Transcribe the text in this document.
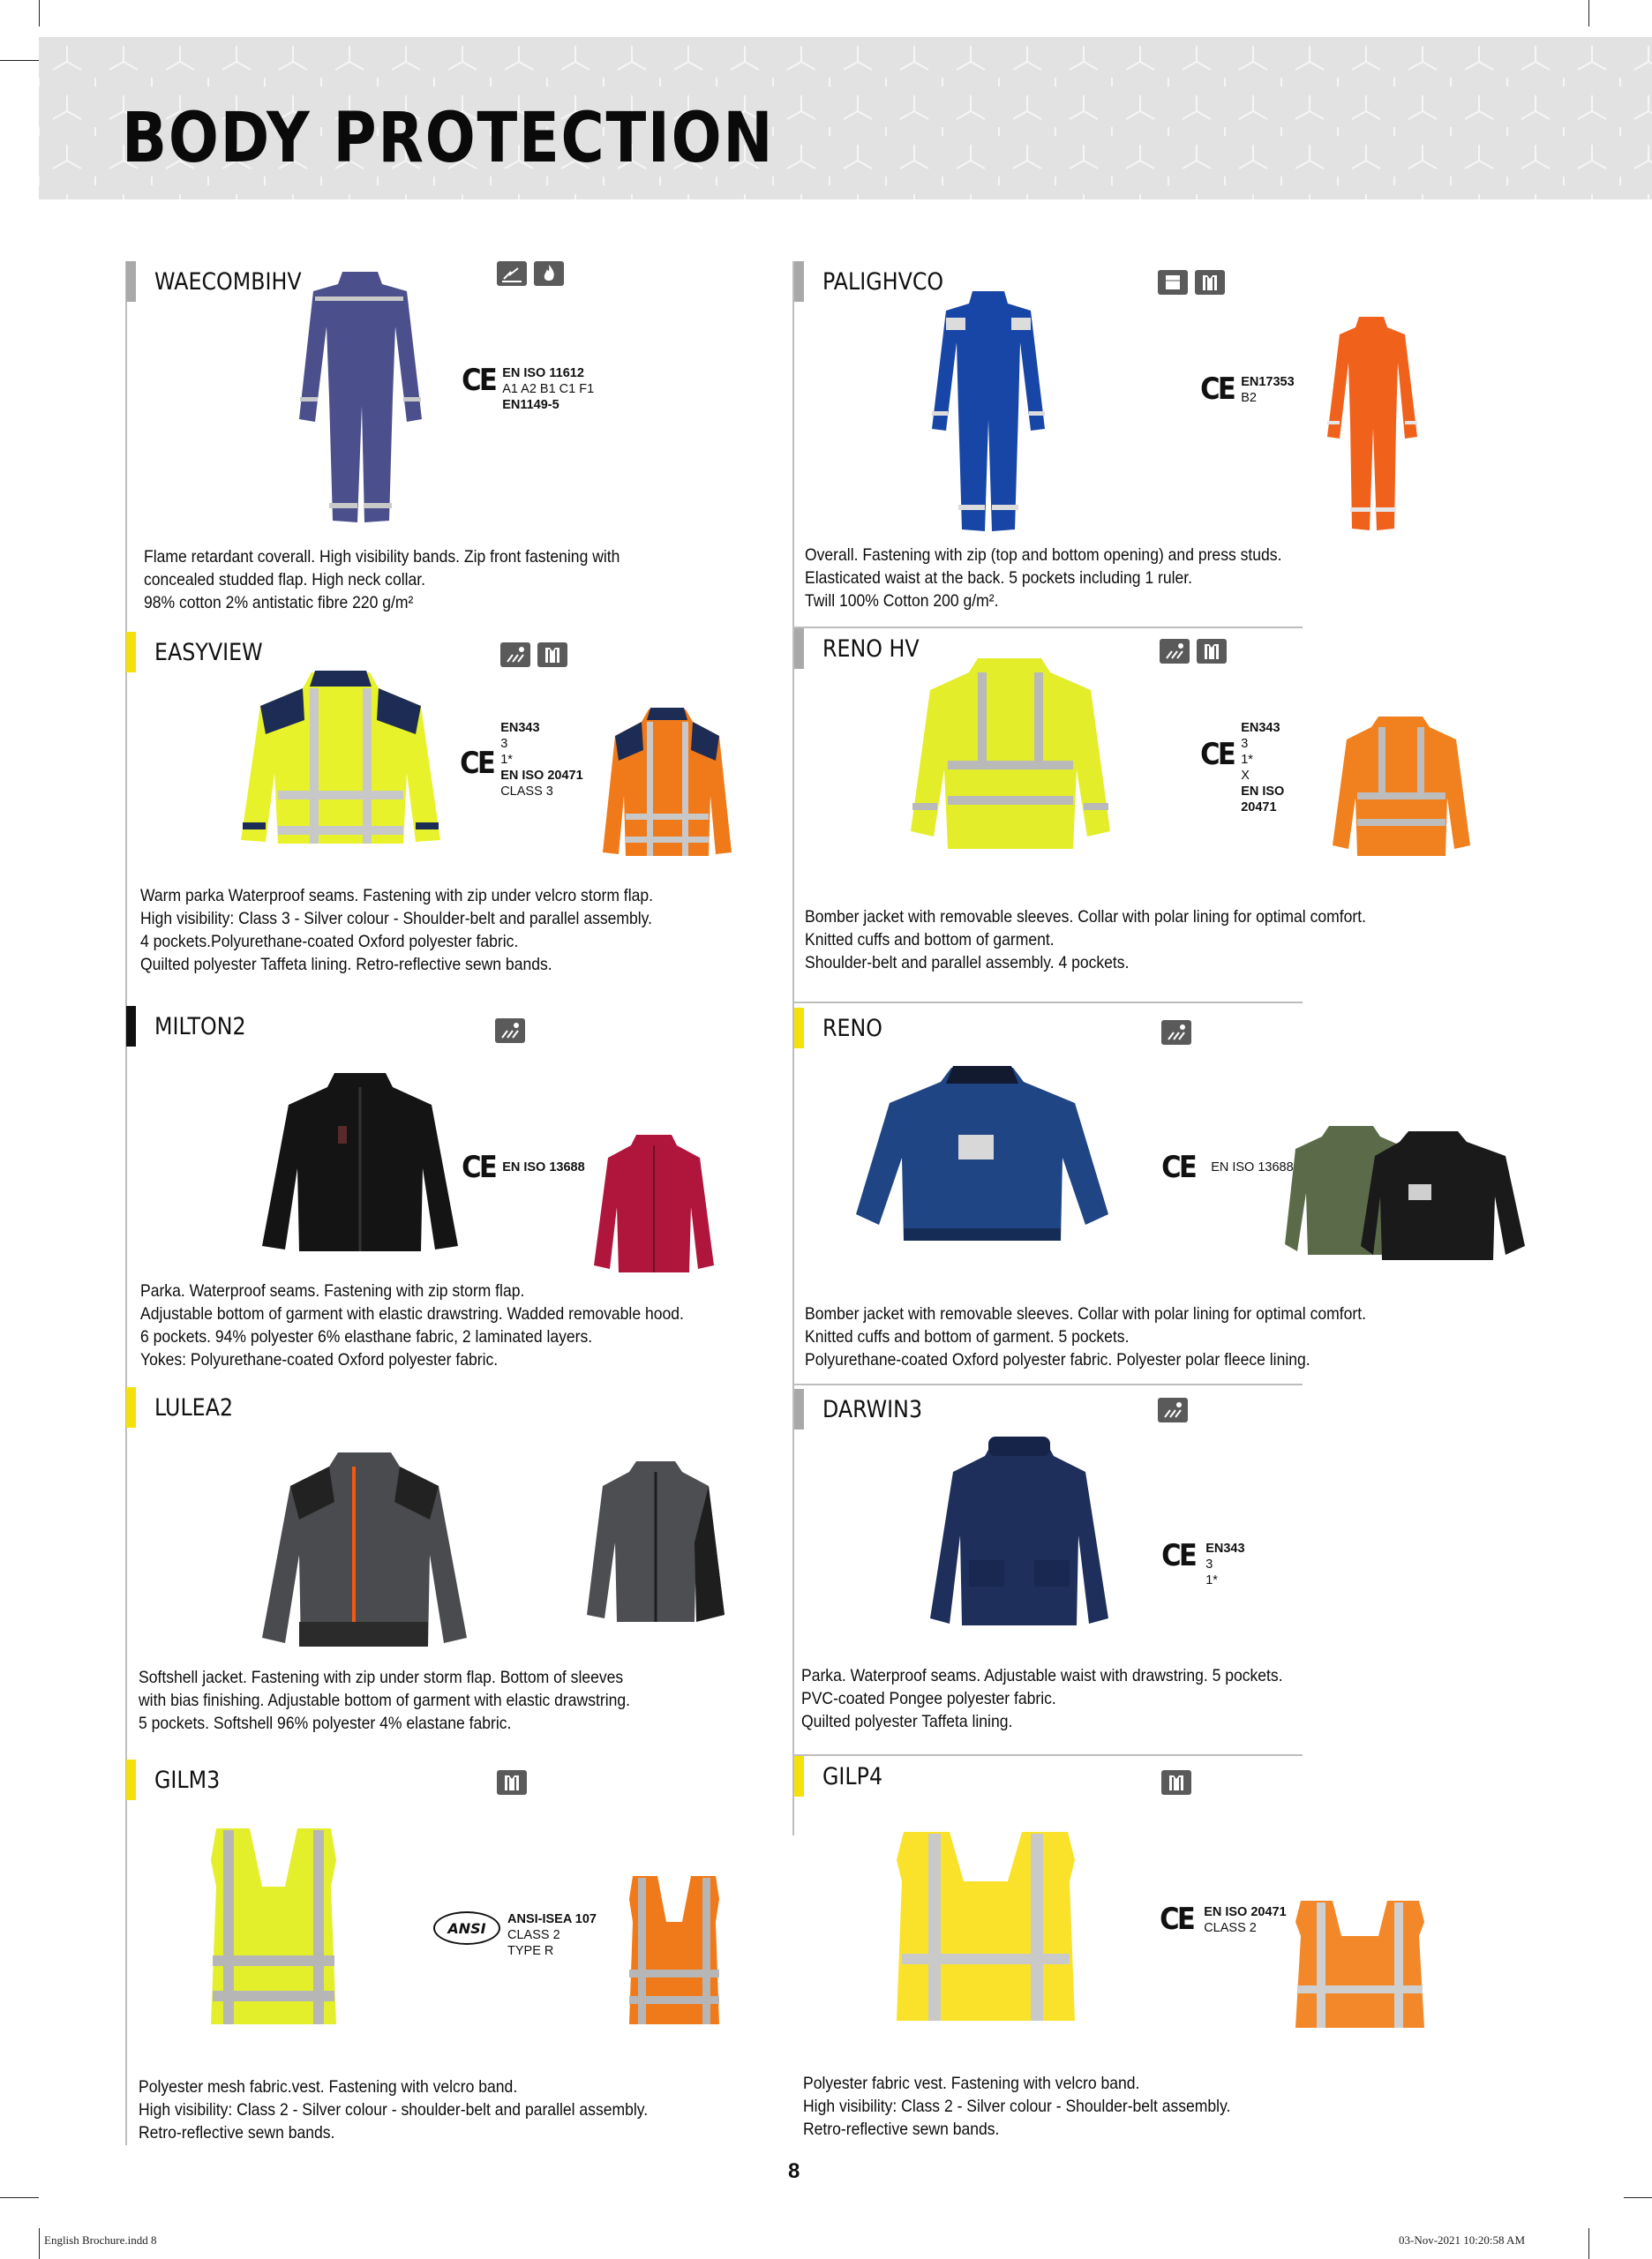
BODY PROTECTION
WAECOMBIHV
CE EN ISO 11612
A1 A2 B1 C1 F1
EN1149-5
Flame retardant coverall. High visibility bands. Zip front fastening with
concealed studded flap. High neck collar.
98% cotton 2% antistatic fibre 220 g/m²
PALIGHVCO
CE EN17353
B2
Overall. Fastening with zip (top and bottom opening) and press studs.
Elasticated waist at the back. 5 pockets including 1 ruler.
Twill 100% Cotton 200 g/m².
EASYVIEW
CE
EN343
3
1*
EN ISO 20471
CLASS 3
Warm parka Waterproof seams. Fastening with zip under velcro storm flap.
High visibility: Class 3 - Silver colour - Shoulder-belt and parallel assembly.
4 pockets.Polyurethane-coated Oxford polyester fabric.
Quilted polyester Taffeta lining. Retro-reflective sewn bands.
RENO HV
CE
EN343
3
1*
X
EN ISO 20471
Bomber jacket with removable sleeves. Collar with polar lining for optimal comfort.
Knitted cuffs and bottom of garment.
Shoulder-belt and parallel assembly. 4 pockets.
MILTON2
CE EN ISO 13688
Parka. Waterproof seams. Fastening with zip storm flap.
Adjustable bottom of garment with elastic drawstring. Wadded removable hood.
6 pockets. 94% polyester 6% elasthane fabric, 2 laminated layers.
Yokes: Polyurethane-coated Oxford polyester fabric.
RENO
CE EN ISO 13688
Bomber jacket with removable sleeves. Collar with polar lining for optimal comfort.
Knitted cuffs and bottom of garment. 5 pockets.
Polyurethane-coated Oxford polyester fabric. Polyester polar fleece lining.
LULEA2
Softshell jacket. Fastening with zip under storm flap. Bottom of sleeves
with bias finishing. Adjustable bottom of garment with elastic drawstring.
5 pockets. Softshell 96% polyester 4% elastane fabric.
DARWIN3
CE EN343
3
1*
Parka. Waterproof seams. Adjustable waist with drawstring. 5 pockets.
PVC-coated Pongee polyester fabric.
Quilted polyester Taffeta lining.
GILM3
ANSI
ANSI-ISEA 107
CLASS 2
TYPE R
Polyester mesh fabric.vest. Fastening with velcro band.
High visibility: Class 2 - Silver colour - shoulder-belt and parallel assembly.
Retro-reflective sewn bands.
GILP4
CE EN ISO 20471
CLASS 2
Polyester fabric vest. Fastening with velcro band.
High visibility: Class 2 - Silver colour - Shoulder-belt assembly.
Retro-reflective sewn bands.
8
English Brochure.indd 8	03-Nov-2021 10:20:58 AM
